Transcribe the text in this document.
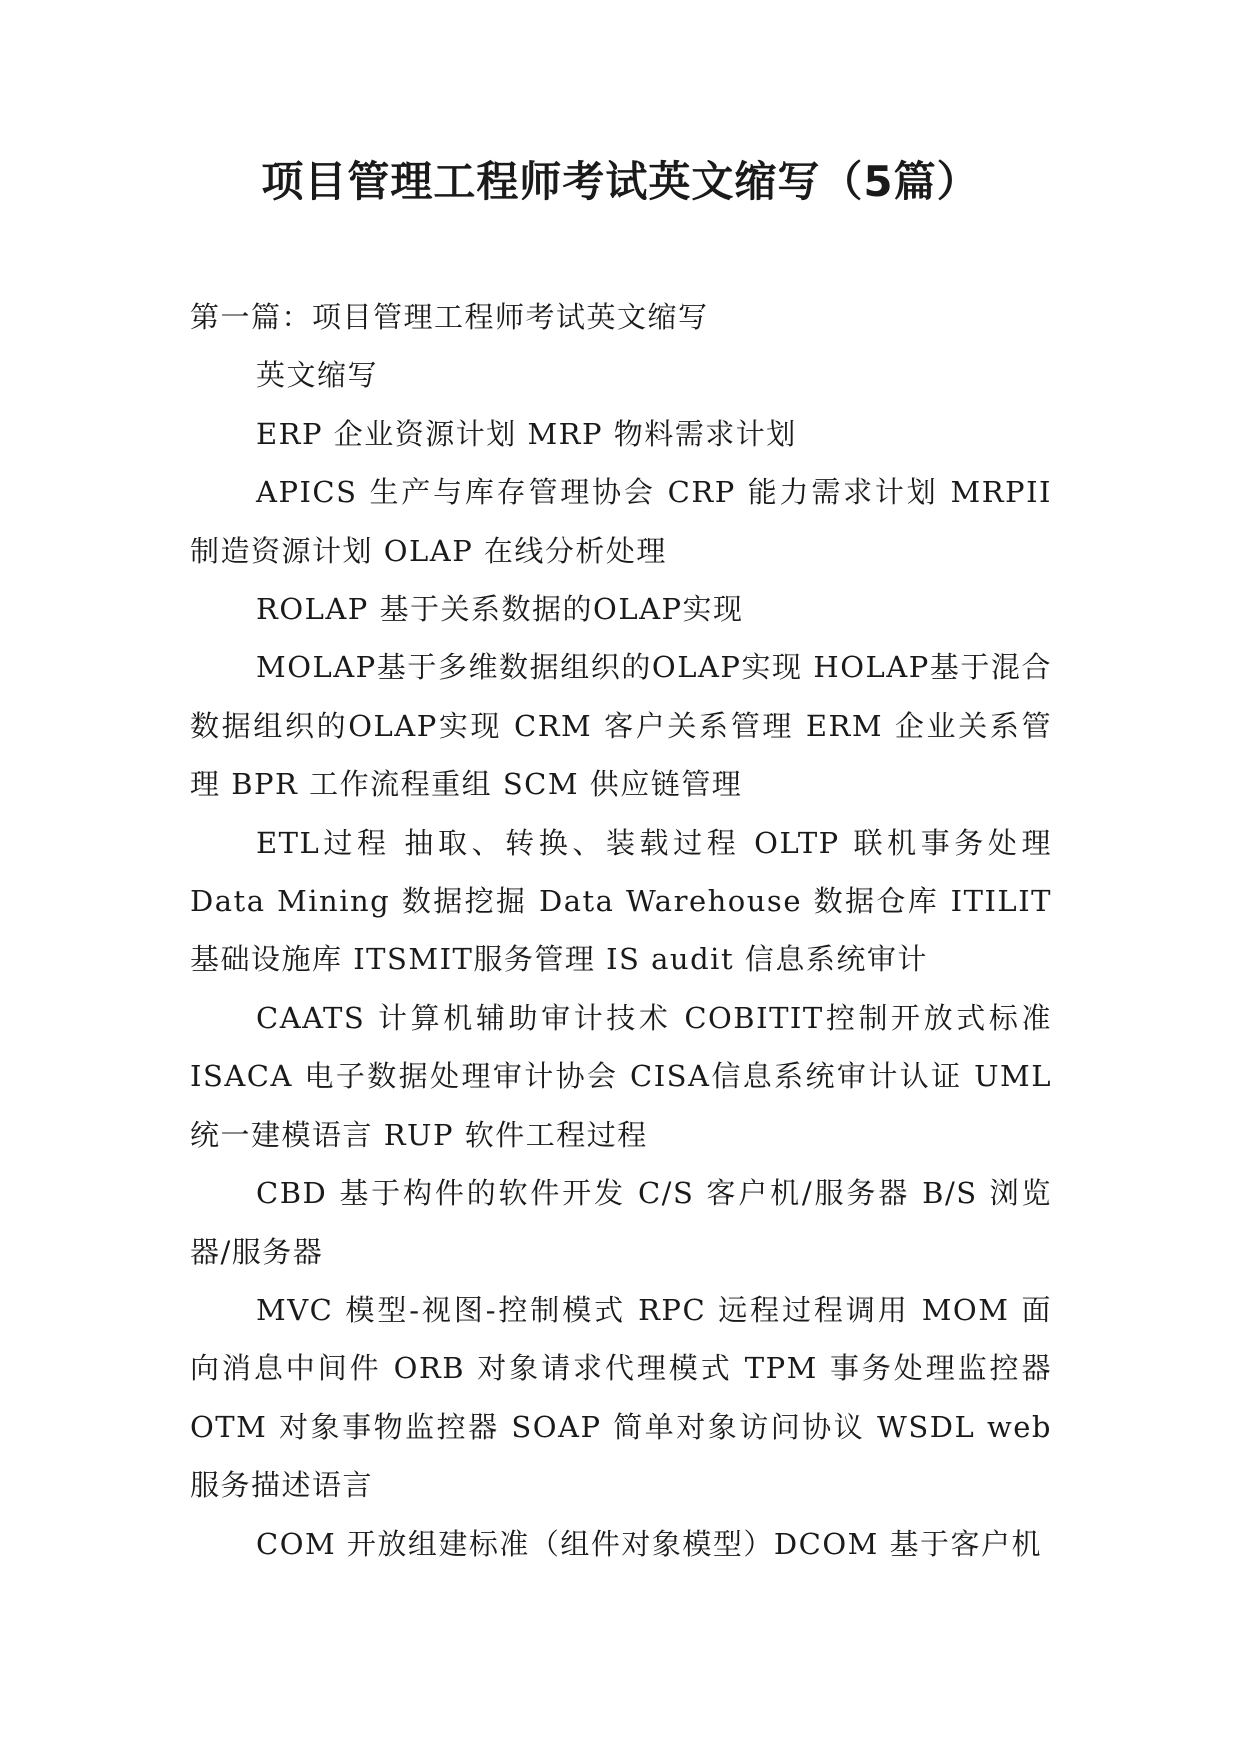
项目管理工程师考试英文缩写（5篇）

第一篇：项目管理工程师考试英文缩写

英文缩写

ERP 企业资源计划 MRP 物料需求计划

APICS 生产与库存管理协会 CRP 能力需求计划 MRPII 制造资源计划 OLAP 在线分析处理

ROLAP 基于关系数据的OLAP实现

MOLAP基于多维数据组织的OLAP实现 HOLAP基于混合数据组织的OLAP实现 CRM 客户关系管理 ERM 企业关系管理 BPR 工作流程重组 SCM 供应链管理

ETL过程 抽取、转换、装载过程 OLTP 联机事务处理 Data Mining 数据挖掘 Data Warehouse 数据仓库 ITILIT 基础设施库 ITSMIT服务管理 IS audit 信息系统审计

CAATS 计算机辅助审计技术 COBITIT控制开放式标准 ISACA 电子数据处理审计协会 CISA信息系统审计认证 UML 统一建模语言 RUP 软件工程过程

CBD 基于构件的软件开发 C/S 客户机/服务器 B/S 浏览器/服务器

MVC 模型-视图-控制模式 RPC 远程过程调用 MOM 面向消息中间件 ORB 对象请求代理模式 TPM 事务处理监控器 OTM 对象事物监控器 SOAP 简单对象访问协议 WSDL web服务描述语言

COM 开放组建标准（组件对象模型）DCOM 基于客户机
